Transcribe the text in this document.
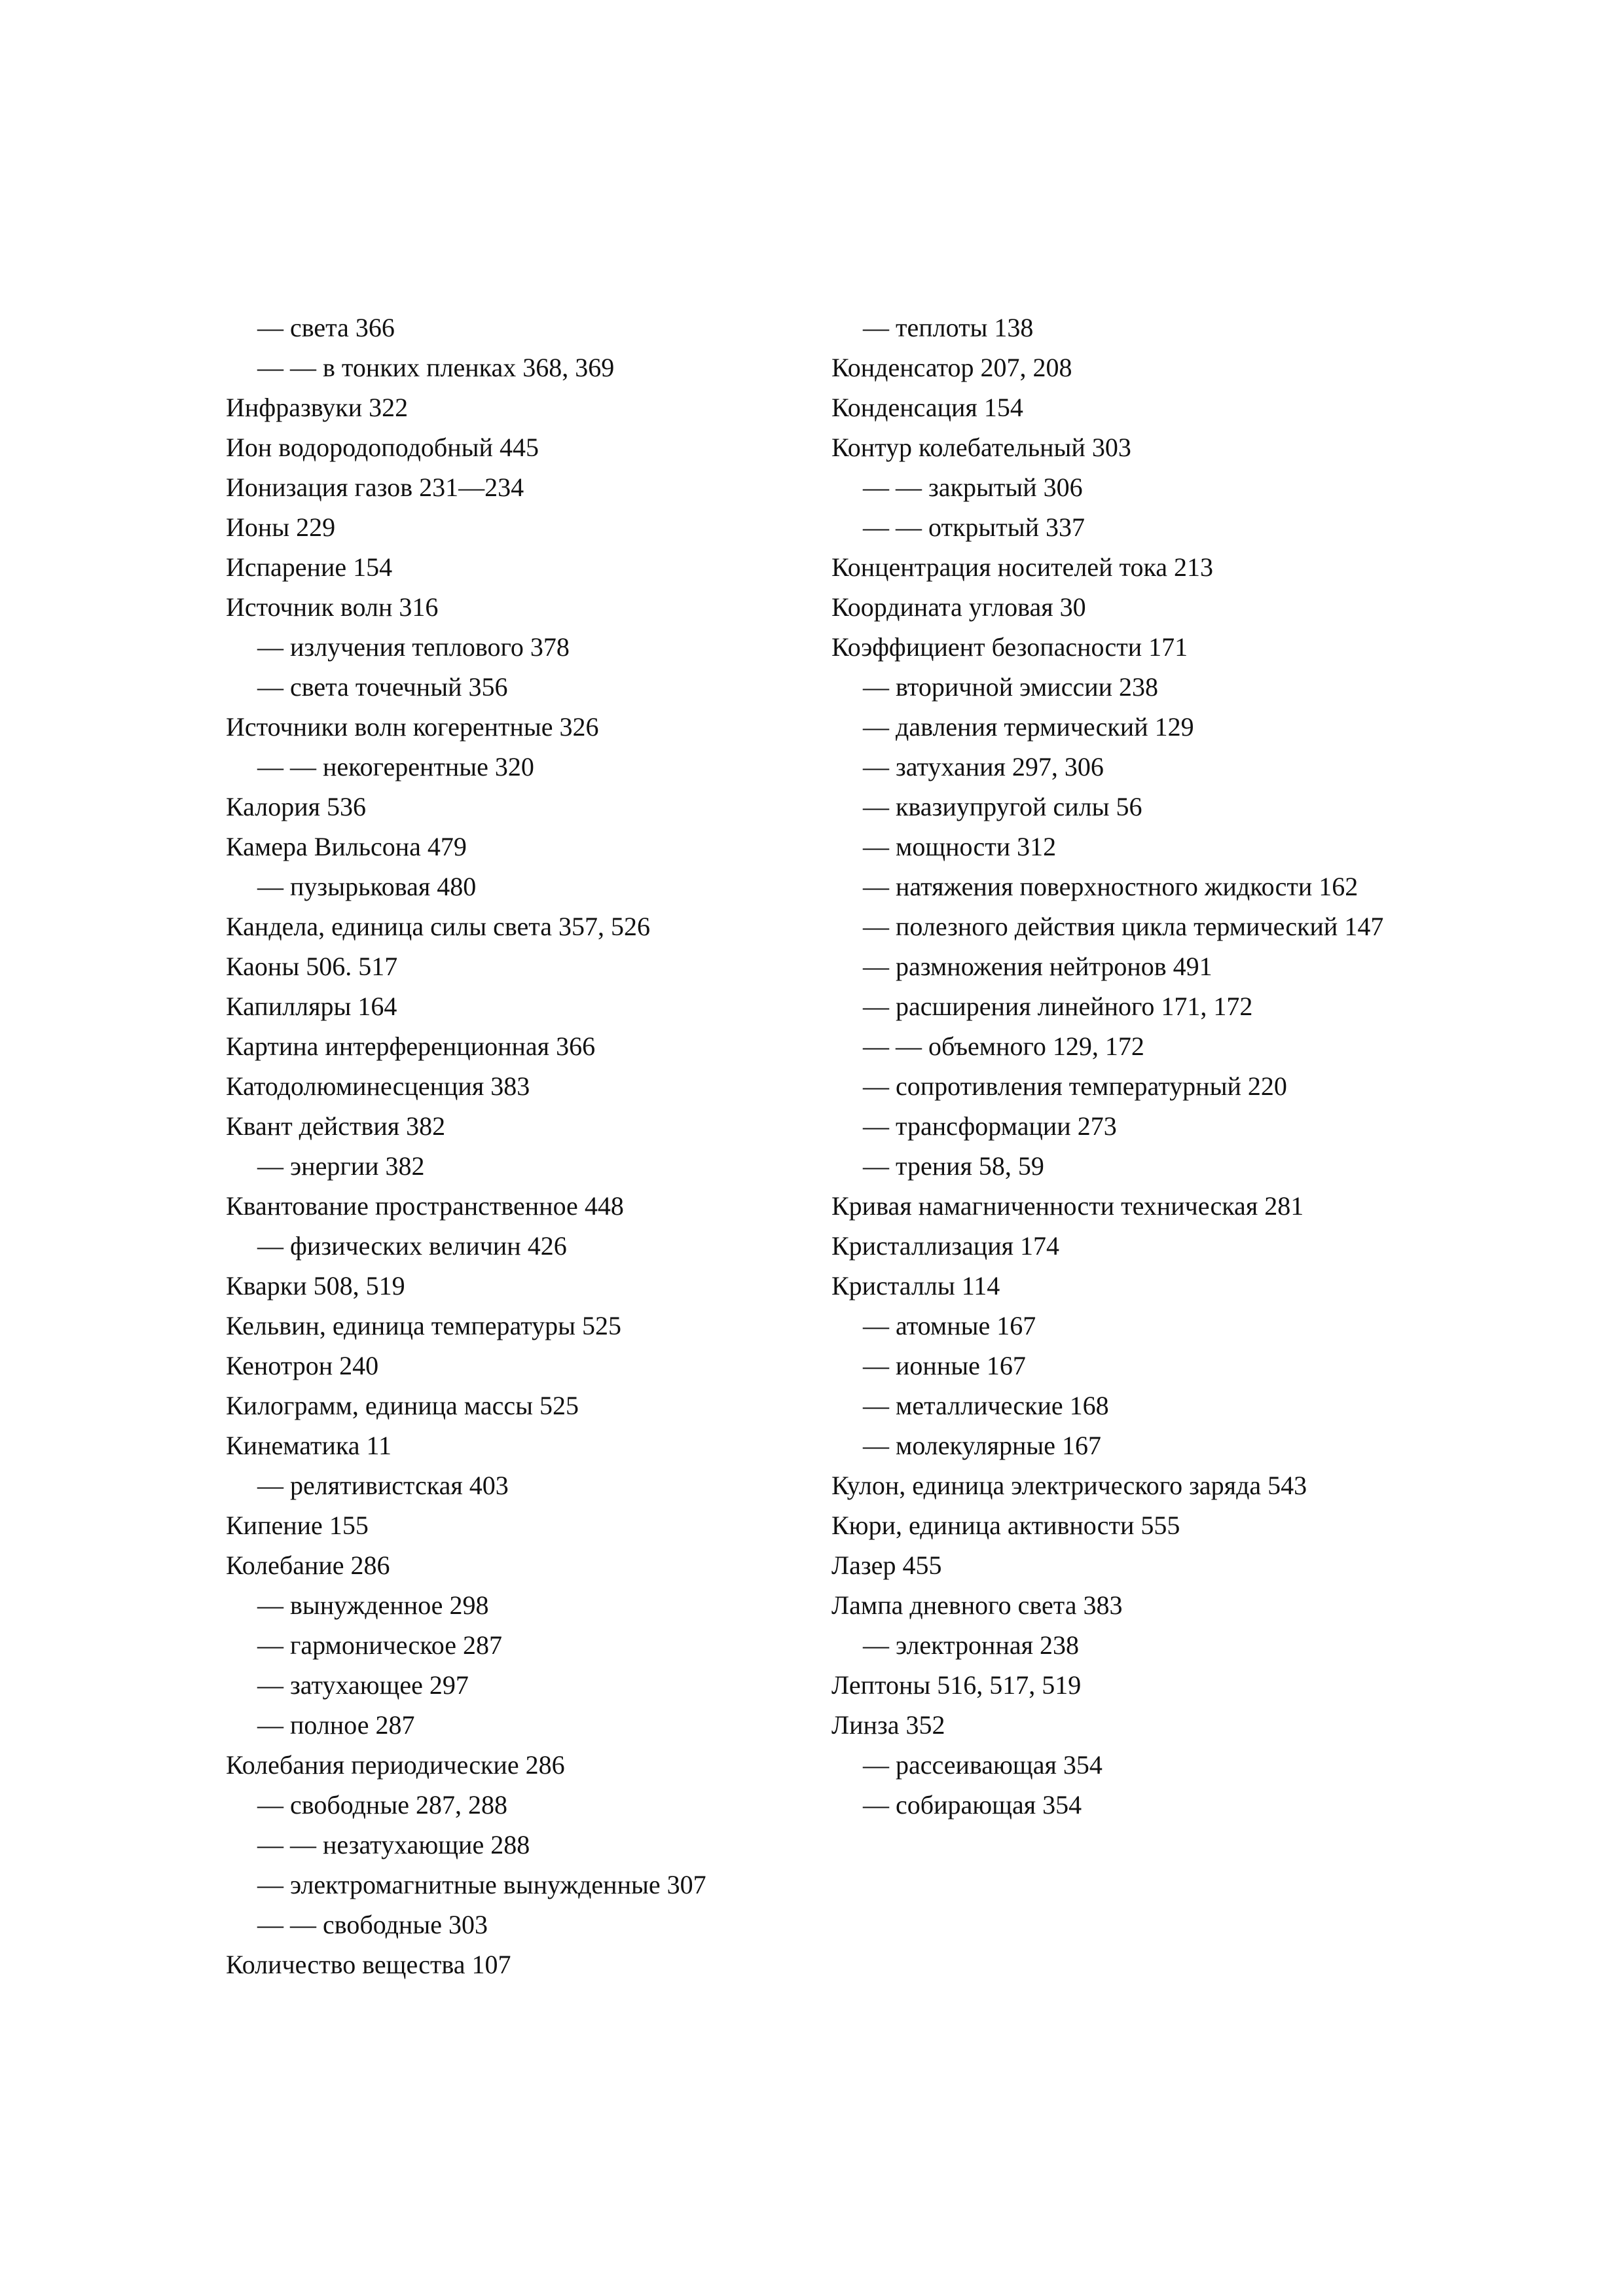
— света 366
— — в тонких пленках 368, 369
Инфразвуки 322
Ион водородоподобный 445
Ионизация газов 231—234
Ионы 229
Испарение 154
Источник волн 316
— излучения теплового 378
— света точечный 356
Источники волн когерентные 326
— — некогерентные 320
Калория 536
Камера Вильсона 479
— пузырьковая 480
Кандела, единица силы света 357, 526
Каоны 506. 517
Капилляры 164
Картина интерференционная 366
Катодолюминесценция 383
Квант действия 382
— энергии 382
Квантование пространственное 448
— физических величин 426
Кварки 508, 519
Кельвин, единица температуры 525
Кенотрон 240
Килограмм, единица массы 525
Кинематика 11
— релятивистская 403
Кипение 155
Колебание 286
— вынужденное 298
— гармоническое 287
— затухающее 297
— полное 287
Колебания периодические 286
— свободные 287, 288
— — незатухающие 288
— электромагнитные вынужденные 307
— — свободные 303
Количество вещества 107
— теплоты 138
Конденсатор 207, 208
Конденсация 154
Контур колебательный 303
— — закрытый 306
— — открытый 337
Концентрация носителей тока 213
Координата угловая 30
Коэффициент безопасности 171
— вторичной эмиссии 238
— давления термический 129
— затухания 297, 306
— квазиупругой силы 56
— мощности 312
— натяжения поверхностного жидкости 162
— полезного действия цикла термический 147
— размножения нейтронов 491
— расширения линейного 171, 172
— — объемного 129, 172
— сопротивления температурный 220
— трансформации 273
— трения 58, 59
Кривая намагниченности техническая 281
Кристаллизация 174
Кристаллы 114
— атомные 167
— ионные 167
— металлические 168
— молекулярные 167
Кулон, единица электрического заряда 543
Кюри, единица активности 555
Лазер 455
Лампа дневного света 383
— электронная 238
Лептоны 516, 517, 519
Линза 352
— рассеивающая 354
— собирающая 354
